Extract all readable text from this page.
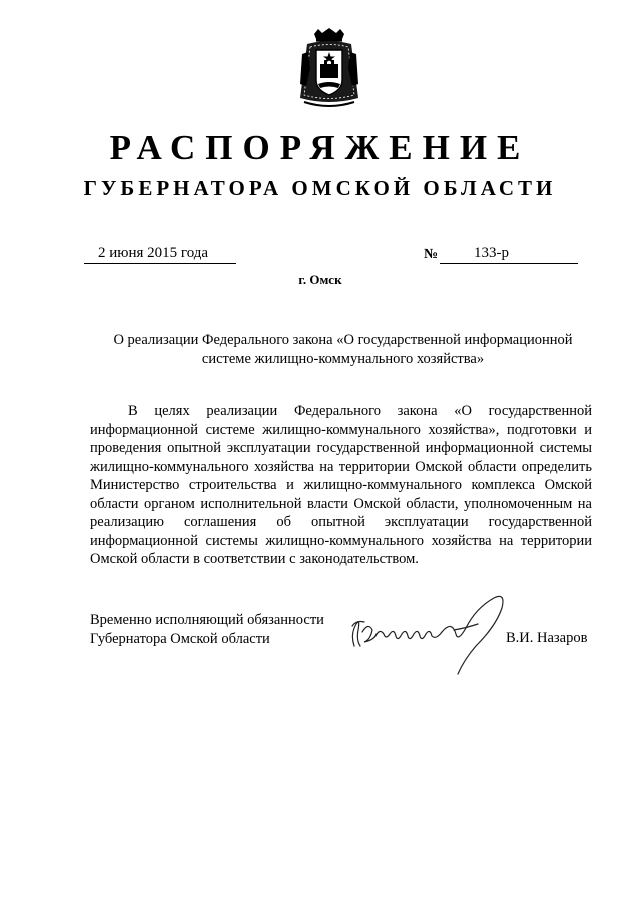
РАСПОРЯЖЕНИЕ
ГУБЕРНАТОРА ОМСКОЙ ОБЛАСТИ
2 июня 2015 года	№ 133-р
г. Омск
О реализации Федерального закона «О государственной информационной
системе жилищно-коммунального хозяйства»

В целях реализации Федерального закона «О государственной информационной системе жилищно-коммунального хозяйства», подготовки и проведения опытной эксплуатации государственной информационной системы жилищно-коммунального хозяйства на территории Омской области определить Министерство строительства и жилищно-коммунального комплекса Омской области органом исполнительной власти Омской области, уполномоченным на реализацию соглашения об опытной эксплуатации государственной информационной системы жилищно-коммунального хозяйства на территории Омской области в соответствии с законодательством.

Временно исполняющий обязанности
Губернатора Омской области	В.И. Назаров
